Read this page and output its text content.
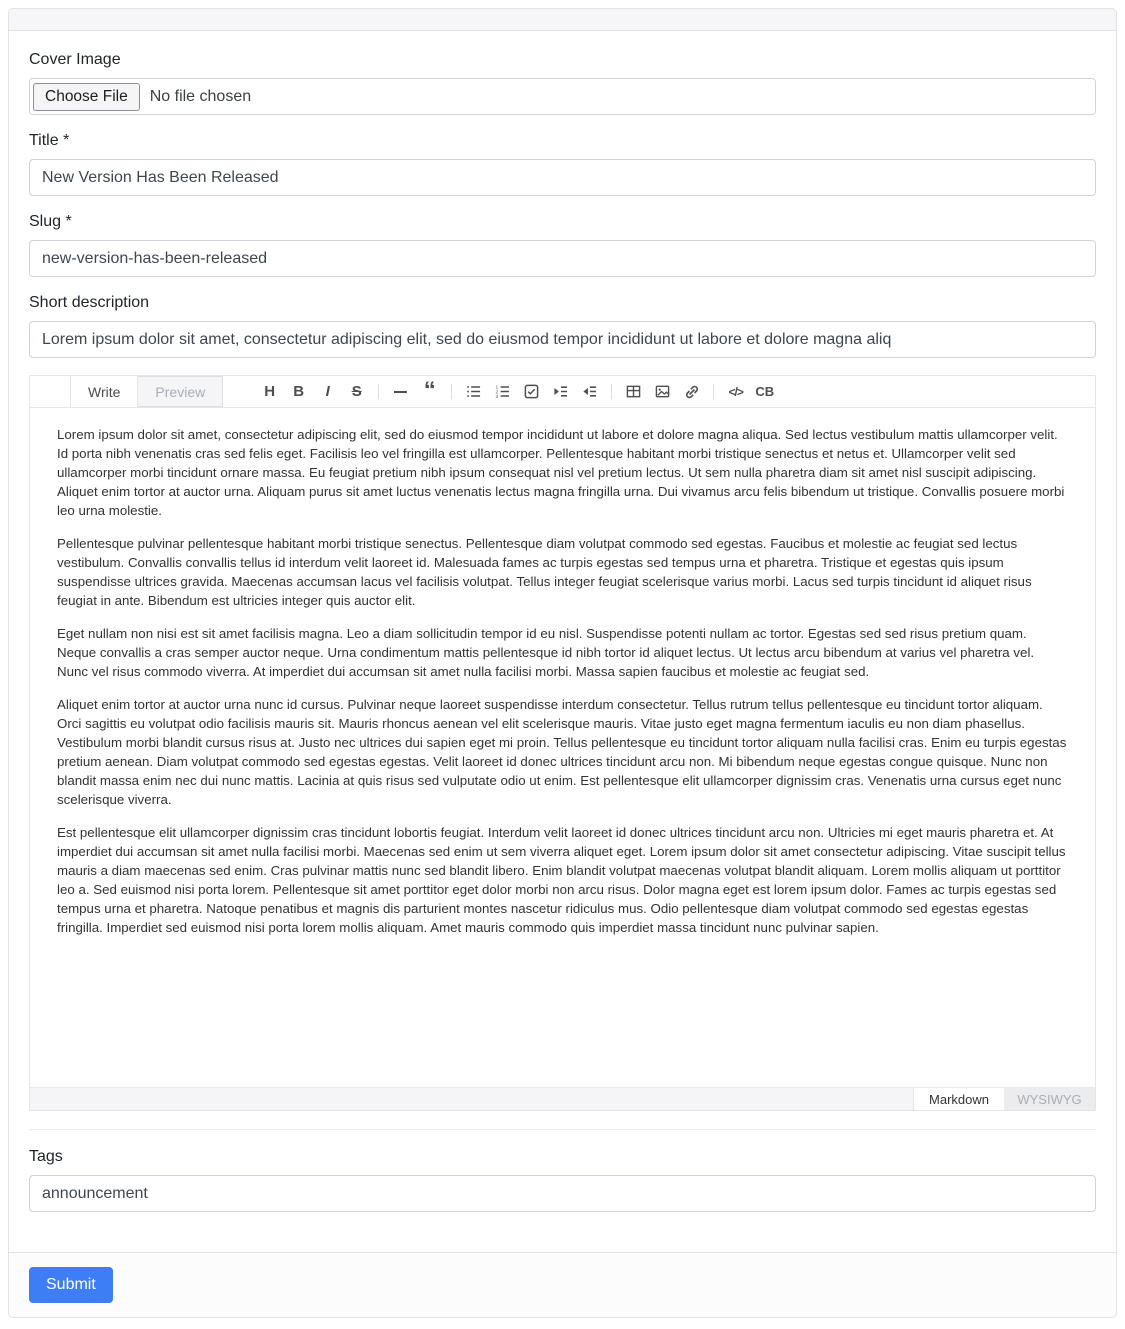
Cover Image
Choose File	No file chosen
Title *
New Version Has Been Released
Slug *
new-version-has-been-released
Short description
Lorem ipsum dolor sit amet, consectetur adipiscing elit, sed do eiusmod tempor incididunt ut labore et dolore magna aliq
Write	Preview	H B I S	“	1
2
3	</> CB

Lorem ipsum dolor sit amet, consectetur adipiscing elit, sed do eiusmod tempor incididunt ut labore et dolore magna aliqua. Sed lectus vestibulum mattis ullamcorper velit. Id porta nibh venenatis cras sed felis eget. Facilisis leo vel fringilla est ullamcorper. Pellentesque habitant morbi tristique senectus et netus et. Ullamcorper velit sed ullamcorper morbi tincidunt ornare massa. Eu feugiat pretium nibh ipsum consequat nisl vel pretium lectus. Ut sem nulla pharetra diam sit amet nisl suscipit adipiscing. Aliquet enim tortor at auctor urna. Aliquam purus sit amet luctus venenatis lectus magna fringilla urna. Dui vivamus arcu felis bibendum ut tristique. Convallis posuere morbi leo urna molestie.

Pellentesque pulvinar pellentesque habitant morbi tristique senectus. Pellentesque diam volutpat commodo sed egestas. Faucibus et molestie ac feugiat sed lectus vestibulum. Convallis convallis tellus id interdum velit laoreet id. Malesuada fames ac turpis egestas sed tempus urna et pharetra. Tristique et egestas quis ipsum suspendisse ultrices gravida. Maecenas accumsan lacus vel facilisis volutpat. Tellus integer feugiat scelerisque varius morbi. Lacus sed turpis tincidunt id aliquet risus feugiat in ante. Bibendum est ultricies integer quis auctor elit.

Eget nullam non nisi est sit amet facilisis magna. Leo a diam sollicitudin tempor id eu nisl. Suspendisse potenti nullam ac tortor. Egestas sed sed risus pretium quam. Neque convallis a cras semper auctor neque. Urna condimentum mattis pellentesque id nibh tortor id aliquet lectus. Ut lectus arcu bibendum at varius vel pharetra vel. Nunc vel risus commodo viverra. At imperdiet dui accumsan sit amet nulla facilisi morbi. Massa sapien faucibus et molestie ac feugiat sed.

Aliquet enim tortor at auctor urna nunc id cursus. Pulvinar neque laoreet suspendisse interdum consectetur. Tellus rutrum tellus pellentesque eu tincidunt tortor aliquam. Orci sagittis eu volutpat odio facilisis mauris sit. Mauris rhoncus aenean vel elit scelerisque mauris. Vitae justo eget magna fermentum iaculis eu non diam phasellus. Vestibulum morbi blandit cursus risus at. Justo nec ultrices dui sapien eget mi proin. Tellus pellentesque eu tincidunt tortor aliquam nulla facilisi cras. Enim eu turpis egestas pretium aenean. Diam volutpat commodo sed egestas egestas. Velit laoreet id donec ultrices tincidunt arcu non. Mi bibendum neque egestas congue quisque. Nunc non blandit massa enim nec dui nunc mattis. Lacinia at quis risus sed vulputate odio ut enim. Est pellentesque elit ullamcorper dignissim cras. Venenatis urna cursus eget nunc scelerisque viverra.

Est pellentesque elit ullamcorper dignissim cras tincidunt lobortis feugiat. Interdum velit laoreet id donec ultrices tincidunt arcu non. Ultricies mi eget mauris pharetra et. At imperdiet dui accumsan sit amet nulla facilisi morbi. Maecenas sed enim ut sem viverra aliquet eget. Lorem ipsum dolor sit amet consectetur adipiscing. Vitae suscipit tellus mauris a diam maecenas sed enim. Cras pulvinar mattis nunc sed blandit libero. Enim blandit volutpat maecenas volutpat blandit aliquam. Lorem mollis aliquam ut porttitor leo a. Sed euismod nisi porta lorem. Pellentesque sit amet porttitor eget dolor morbi non arcu risus. Dolor magna eget est lorem ipsum dolor. Fames ac turpis egestas sed tempus urna et pharetra. Natoque penatibus et magnis dis parturient montes nascetur ridiculus mus. Odio pellentesque diam volutpat commodo sed egestas egestas fringilla. Imperdiet sed euismod nisi porta lorem mollis aliquam. Amet mauris commodo quis imperdiet massa tincidunt nunc pulvinar sapien.

Markdown	WYSIWYG
Tags
announcement
Submit
